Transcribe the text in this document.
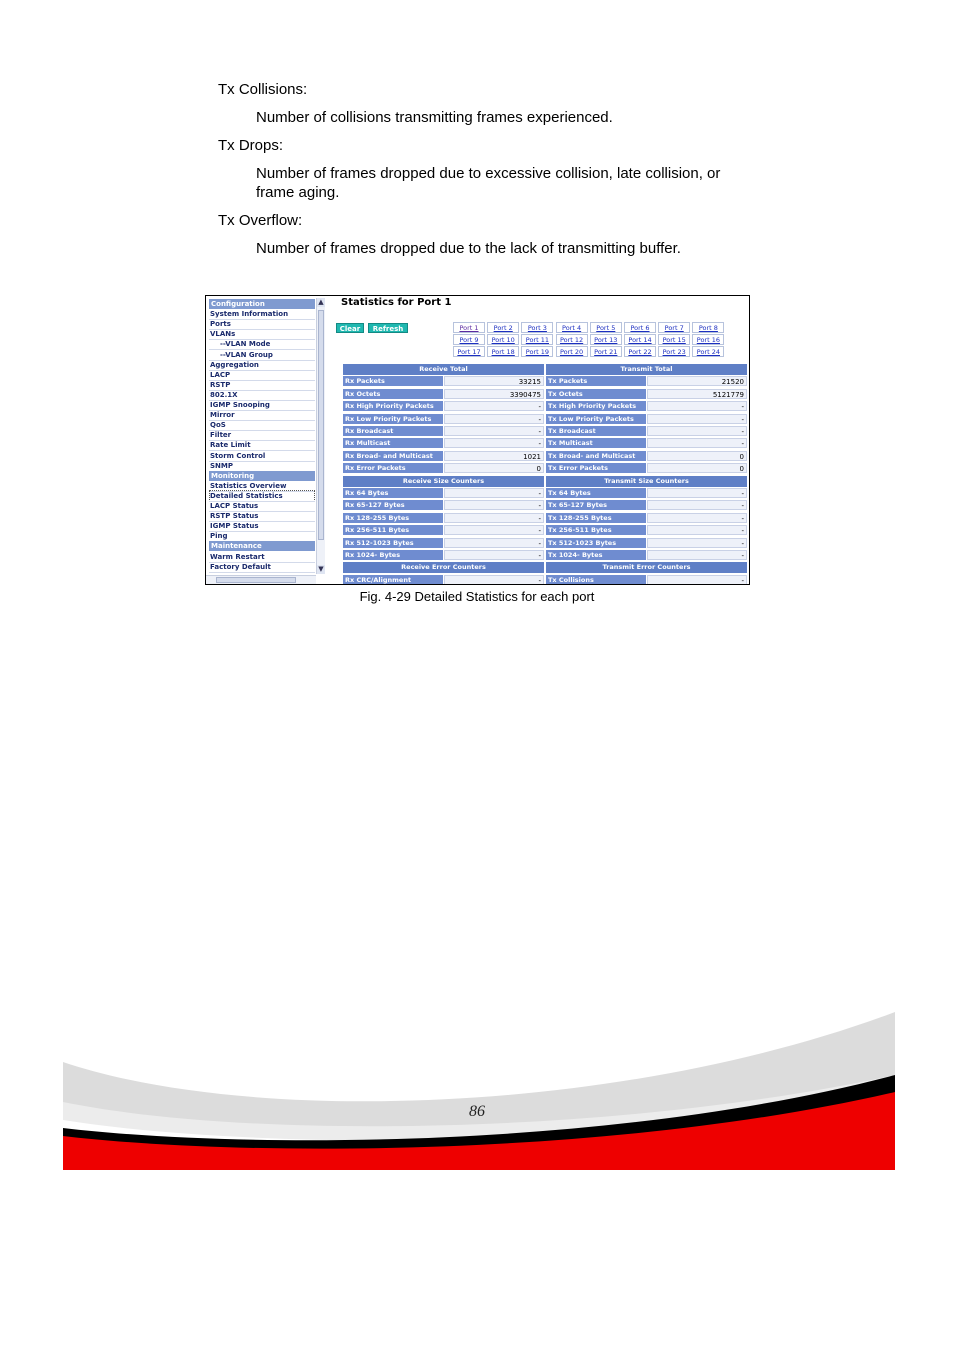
Tx Collisions:

Number of collisions transmitting frames experienced.

Tx Drops:

Number of frames dropped due to excessive collision, late collision, or frame aging.

Tx Overflow:

Number of frames dropped due to the lack of transmitting buffer.

Configuration
System Information
Ports
VLANs
--VLAN Mode
--VLAN Group
Aggregation
LACP
RSTP
802.1X
IGMP Snooping
Mirror
QoS
Filter
Rate Limit
Storm Control
SNMP
Monitoring
Statistics Overview
Detailed Statistics
LACP Status
RSTP Status
IGMP Status
Ping
Maintenance
Warm Restart
Factory Default
▲
▼
Statistics for Port 1
Clear	Refresh	Port 1	Port 2	Port 3	Port 4	Port 5	Port 6	Port 7	Port 8
Port 9	Port 10	Port 11	Port 12	Port 13	Port 14	Port 15	Port 16
Port 17	Port 18	Port 19	Port 20	Port 21	Port 22	Port 23	Port 24
Receive Total	Transmit Total
Rx Packets	33215	Tx Packets	21520
Rx Octets	3390475	Tx Octets	5121779
Rx High Priority Packets	-	Tx High Priority Packets	-
Rx Low Priority Packets	-	Tx Low Priority Packets	-
Rx Broadcast	-	Tx Broadcast	-
Rx Multicast	-	Tx Multicast	-
Rx Broad- and Multicast	1021	Tx Broad- and Multicast	0
Rx Error Packets	0	Tx Error Packets	0
Receive Size Counters	Transmit Size Counters
Rx 64 Bytes	-	Tx 64 Bytes	-
Rx 65-127 Bytes	-	Tx 65-127 Bytes	-
Rx 128-255 Bytes	-	Tx 128-255 Bytes	-
Rx 256-511 Bytes	-	Tx 256-511 Bytes	-
Rx 512-1023 Bytes	-	Tx 512-1023 Bytes	-
Rx 1024- Bytes	-	Tx 1024- Bytes	-
Receive Error Counters	Transmit Error Counters
Rx CRC/Alignment	-	Tx Collisions	-
Fig. 4-29 Detailed Statistics for each port
86
